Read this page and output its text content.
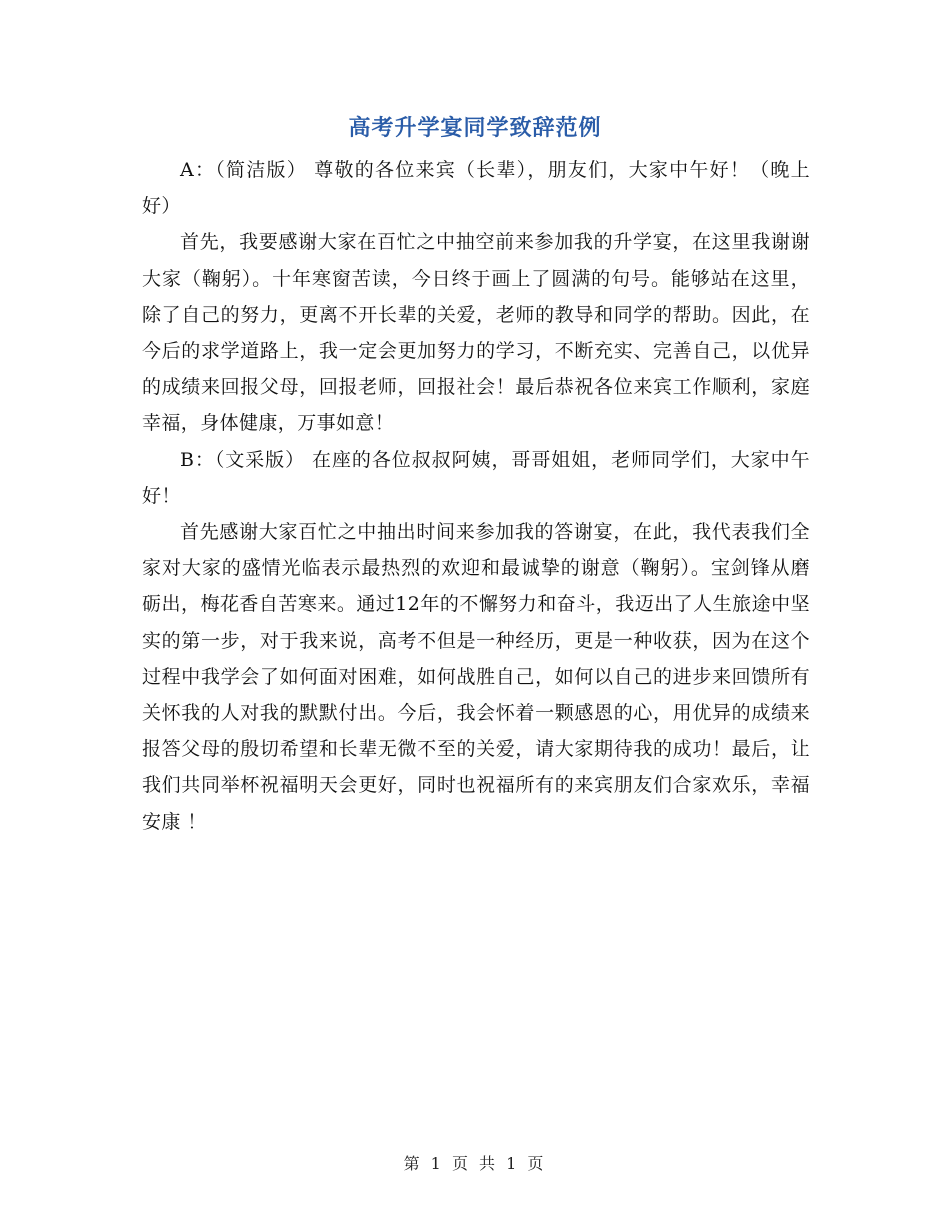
高考升学宴同学致辞范例

A：（简洁版） 尊敬的各位来宾（长辈），朋友们，大家中午好！（晚上好）

首先，我要感谢大家在百忙之中抽空前来参加我的升学宴，在这里我谢谢大家（鞠躬）。十年寒窗苦读，今日终于画上了圆满的句号。能够站在这里，除了自己的努力，更离不开长辈的关爱，老师的教导和同学的帮助。因此，在今后的求学道路上，我一定会更加努力的学习，不断充实、完善自己，以优异的成绩来回报父母，回报老师，回报社会！最后恭祝各位来宾工作顺利，家庭幸福，身体健康，万事如意！

B：（文采版） 在座的各位叔叔阿姨，哥哥姐姐，老师同学们，大家中午好！

首先感谢大家百忙之中抽出时间来参加我的答谢宴，在此，我代表我们全家对大家的盛情光临表示最热烈的欢迎和最诚挚的谢意（鞠躬）。宝剑锋从磨砺出，梅花香自苦寒来。通过12年的不懈努力和奋斗，我迈出了人生旅途中坚实的第一步，对于我来说，高考不但是一种经历，更是一种收获，因为在这个过程中我学会了如何面对困难，如何战胜自己，如何以自己的进步来回馈所有关怀我的人对我的默默付出。今后，我会怀着一颗感恩的心，用优异的成绩来报答父母的殷切希望和长辈无微不至的关爱，请大家期待我的成功！最后，让我们共同举杯祝福明天会更好，同时也祝福所有的来宾朋友们合家欢乐，幸福安康 ！

第 1 页 共 1 页
